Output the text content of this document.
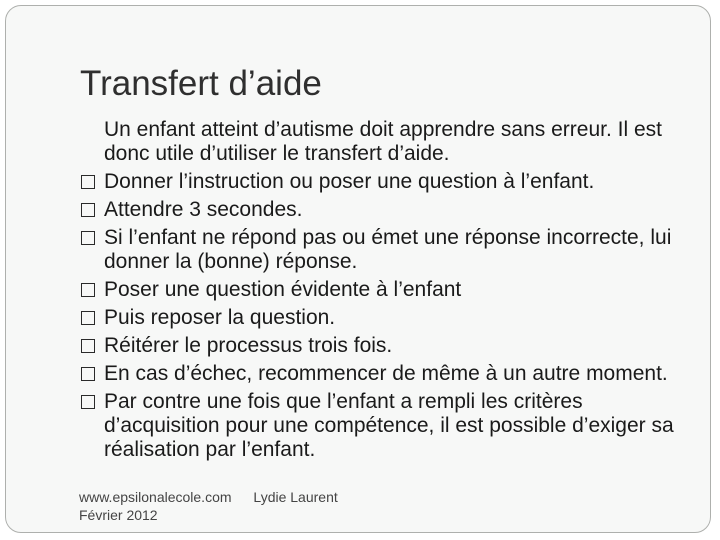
Transfert d’aide
Un enfant atteint d’autisme doit apprendre sans erreur. Il est donc utile d’utiliser le transfert d’aide.
Donner l’instruction ou poser une question à l’enfant.
Attendre 3 secondes.
Si l’enfant ne répond pas ou émet une réponse incorrecte, lui donner la (bonne) réponse.
Poser une question évidente à l’enfant
Puis reposer la question.
Réitérer le processus trois fois.
En cas d’échec, recommencer de même à un autre moment.
Par contre une fois que l’enfant a rempli les critères d’acquisition pour une compétence, il est possible d’exiger sa réalisation par l’enfant.
www.epsilonalecole.com Lydie Laurent
Février 2012
